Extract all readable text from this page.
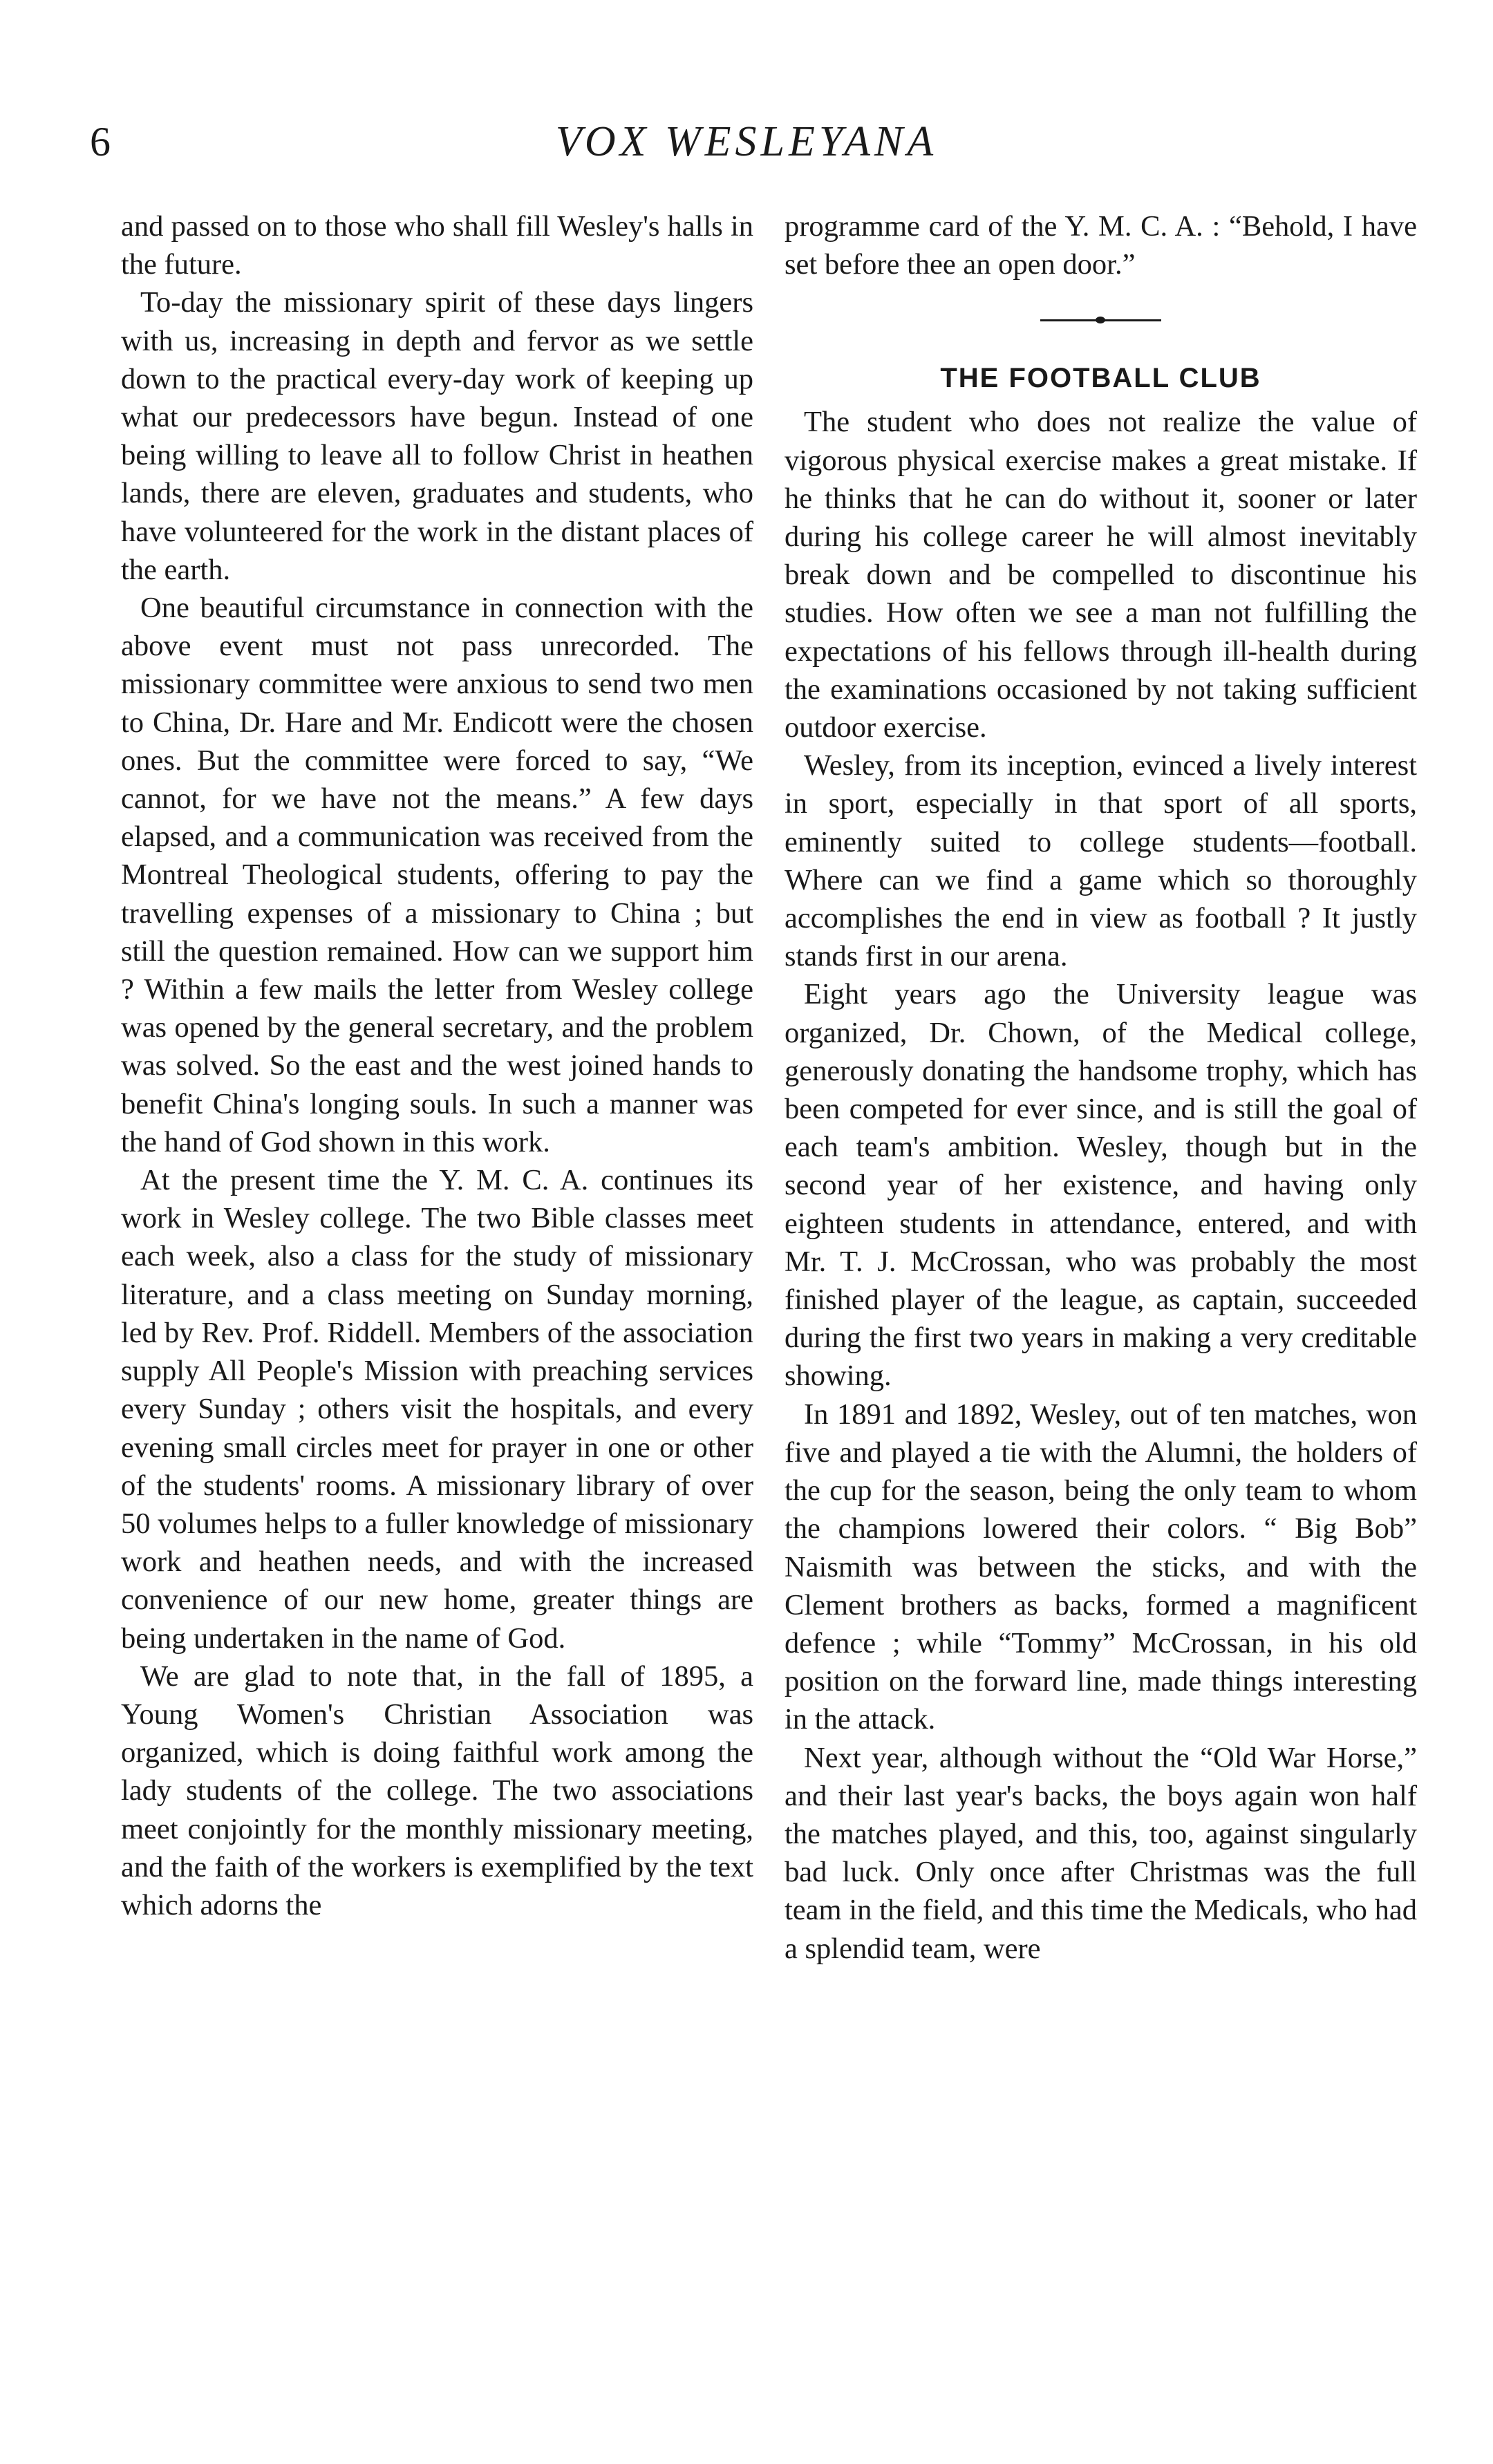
6	VOX WESLEYANA

and passed on to those who shall fill Wesley's halls in the future.

To-day the missionary spirit of these days lingers with us, increasing in depth and fervor as we settle down to the practical every-day work of keeping up what our predecessors have begun. Instead of one being willing to leave all to follow Christ in heathen lands, there are eleven, graduates and students, who have volunteered for the work in the distant places of the earth.

One beautiful circumstance in connection with the above event must not pass unrecorded. The missionary committee were anxious to send two men to China, Dr. Hare and Mr. Endicott were the chosen ones. But the committee were forced to say, “We cannot, for we have not the means.” A few days elapsed, and a communication was received from the Montreal Theological students, offering to pay the travelling expenses of a missionary to China ; but still the question remained. How can we support him ? Within a few mails the letter from Wesley college was opened by the general secretary, and the problem was solved. So the east and the west joined hands to benefit China's longing souls. In such a manner was the hand of God shown in this work.

At the present time the Y. M. C. A. continues its work in Wesley college. The two Bible classes meet each week, also a class for the study of missionary literature, and a class meeting on Sunday morning, led by Rev. Prof. Riddell. Members of the association supply All People's Mission with preaching services every Sunday ; others visit the hospitals, and every evening small circles meet for prayer in one or other of the students' rooms. A missionary library of over 50 volumes helps to a fuller knowledge of missionary work and heathen needs, and with the increased convenience of our new home, greater things are being undertaken in the name of God.

We are glad to note that, in the fall of 1895, a Young Women's Christian Association was organized, which is doing faithful work among the lady students of the college. The two associations meet conjointly for the monthly missionary meeting, and the faith of the workers is exemplified by the text which adorns the

programme card of the Y. M. C. A. : “Behold, I have set before thee an open door.”

THE FOOTBALL CLUB

The student who does not realize the value of vigorous physical exercise makes a great mistake. If he thinks that he can do without it, sooner or later during his college career he will almost inevitably break down and be compelled to discontinue his studies. How often we see a man not fulfilling the expectations of his fellows through ill-health during the examinations occasioned by not taking sufficient outdoor exercise.

Wesley, from its inception, evinced a lively interest in sport, especially in that sport of all sports, eminently suited to college students—football. Where can we find a game which so thoroughly accomplishes the end in view as football ? It justly stands first in our arena.

Eight years ago the University league was organized, Dr. Chown, of the Medical college, generously donating the handsome trophy, which has been competed for ever since, and is still the goal of each team's ambition. Wesley, though but in the second year of her existence, and having only eighteen students in attendance, entered, and with Mr. T. J. McCrossan, who was probably the most finished player of the league, as captain, succeeded during the first two years in making a very creditable showing.

In 1891 and 1892, Wesley, out of ten matches, won five and played a tie with the Alumni, the holders of the cup for the season, being the only team to whom the champions lowered their colors. “ Big Bob” Naismith was between the sticks, and with the Clement brothers as backs, formed a magnificent defence ; while “Tommy” McCrossan, in his old position on the forward line, made things interesting in the attack.

Next year, although without the “Old War Horse,” and their last year's backs, the boys again won half the matches played, and this, too, against singularly bad luck. Only once after Christmas was the full team in the field, and this time the Medicals, who had a splendid team, were
